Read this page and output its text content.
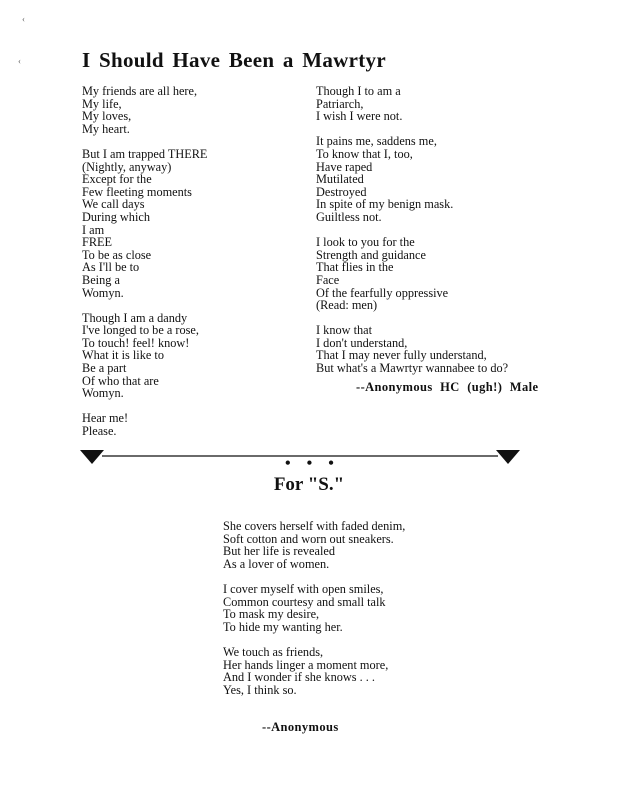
‹
‹	I Should Have Been a Mawrtyr
My friends are all here,
My life,
My loves,
My heart.
But I am trapped THERE
(Nightly, anyway)
Except for the
Few fleeting moments
We call days
During which
I am
FREE
To be as close
As I'll be to
Being a
Womyn.
Though I am a dandy
I've longed to be a rose,
To touch! feel! know!
What it is like to
Be a part
Of who that are
Womyn.
Hear me!
Please.
Though I to am a
Patriarch,
I wish I were not.
It pains me, saddens me,
To know that I, too,
Have raped
Mutilated
Destroyed
In spite of my benign mask.
Guiltless not.
I look to you for the
Strength and guidance
That flies in the
Face
Of the fearfully oppressive
(Read: men)
I know that
I don't understand,
That I may never fully understand,
But what's a Mawrtyr wannabee to do?
--Anonymous HC (ugh!) Male
• • •
For "S."
She covers herself with faded denim,
Soft cotton and worn out sneakers.
But her life is revealed
As a lover of women.
I cover myself with open smiles,
Common courtesy and small talk
To mask my desire,
To hide my wanting her.
We touch as friends,
Her hands linger a moment more,
And I wonder if she knows . . .
Yes, I think so.
--Anonymous
